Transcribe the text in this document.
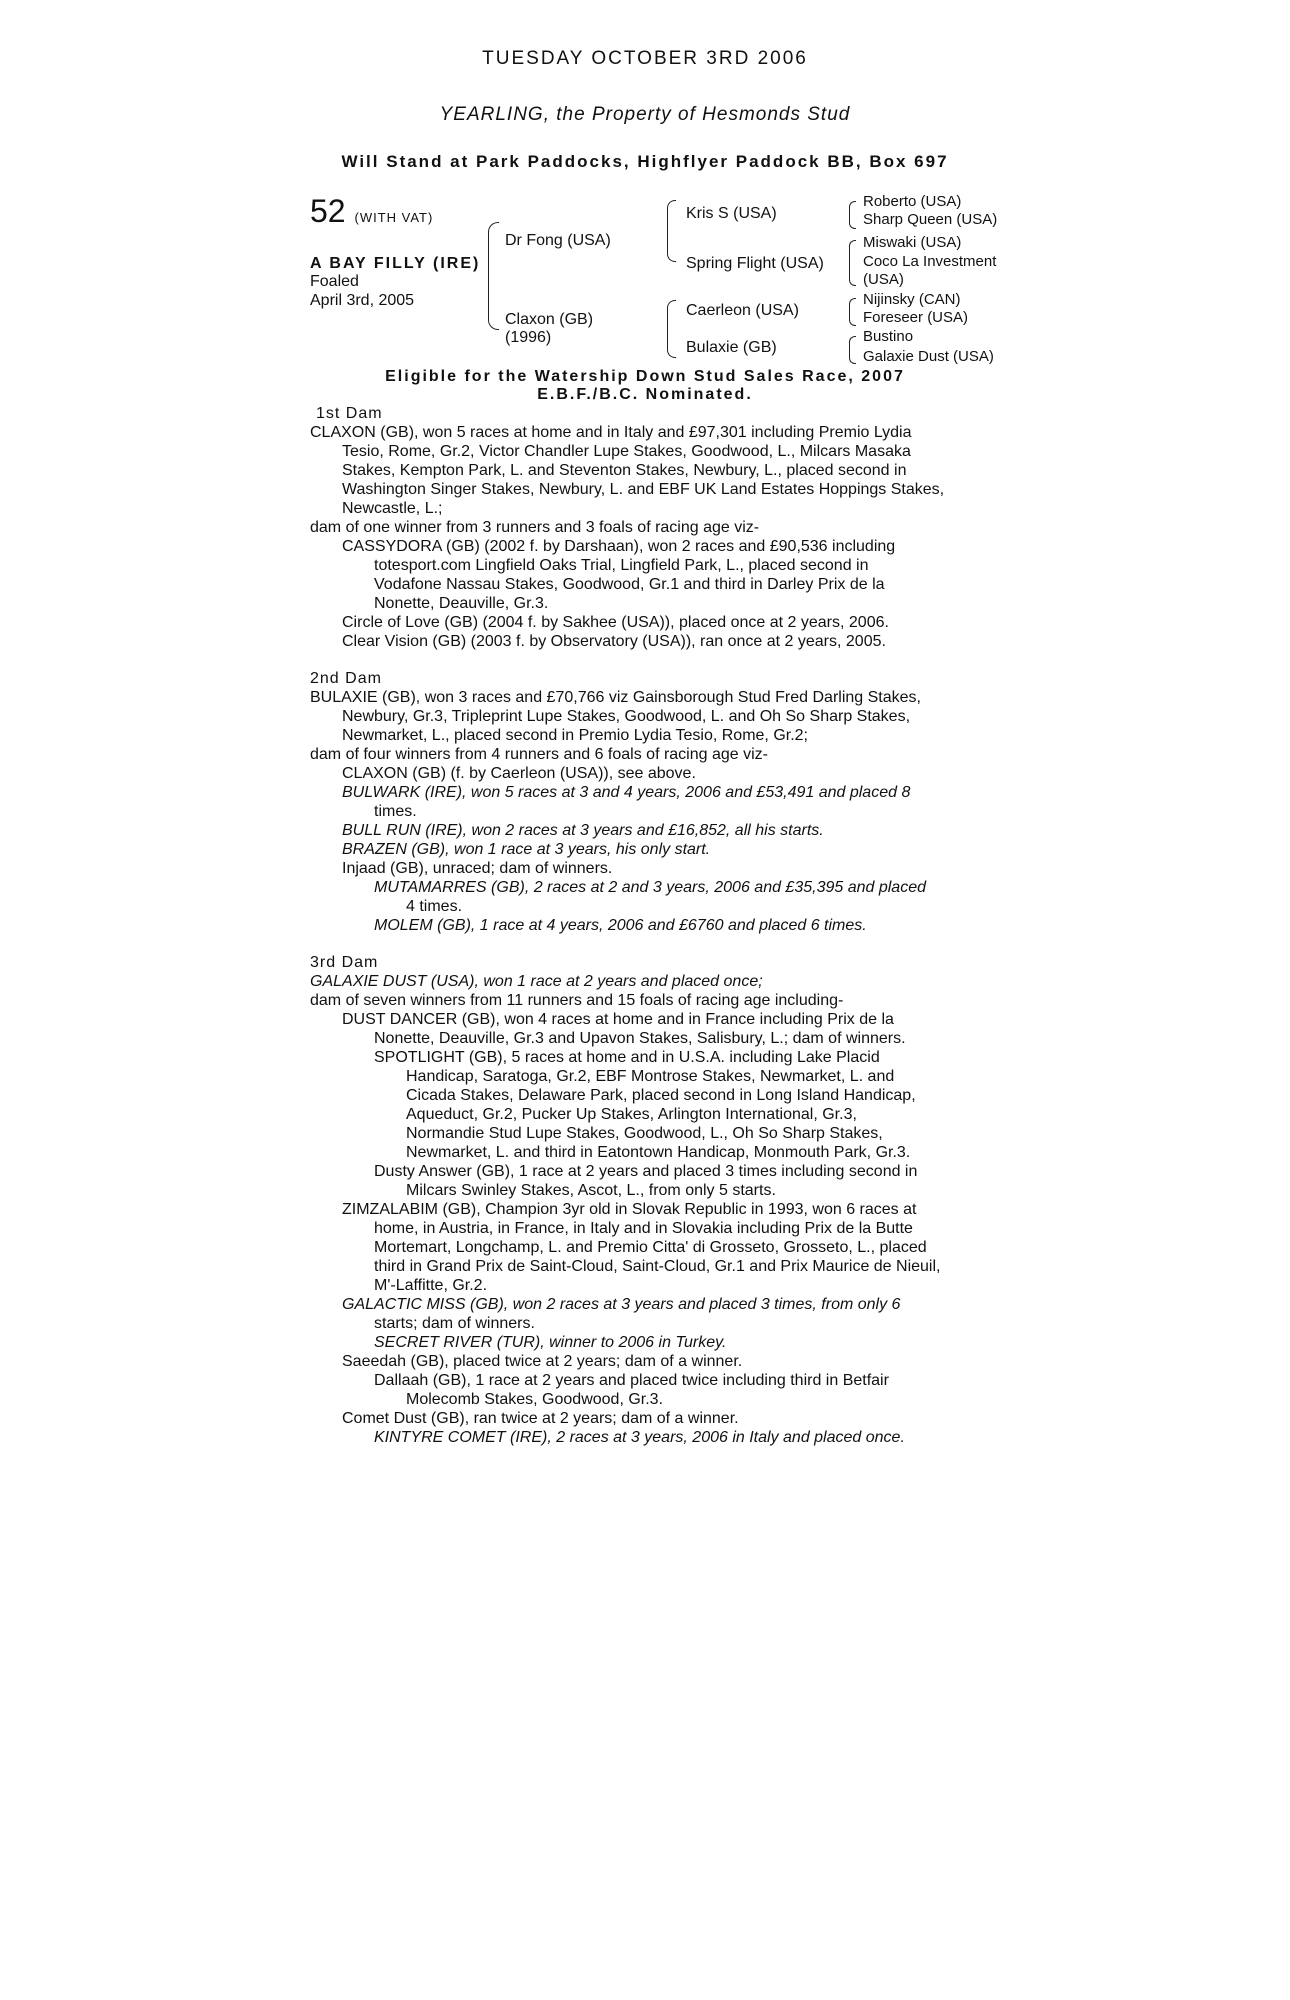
TUESDAY OCTOBER 3RD 2006
YEARLING, the Property of Hesmonds Stud
Will Stand at Park Paddocks, Highflyer Paddock BB, Box 697
52 (WITH VAT)
A BAY FILLY (IRE)
Foaled
April 3rd, 2005
Dr Fong (USA)
Claxon (GB)
(1996)
Kris S (USA)
Spring Flight (USA)
Caerleon (USA)
Bulaxie (GB)
Roberto (USA)
Sharp Queen (USA)
Miswaki (USA)
Coco La Investment
(USA)
Nijinsky (CAN)
Foreseer (USA)
Bustino
Galaxie Dust (USA)
Eligible for the Watership Down Stud Sales Race, 2007
E.B.F./B.C. Nominated.

1st Dam

CLAXON (GB), won 5 races at home and in Italy and £97,301 including Premio Lydia

Tesio, Rome, Gr.2, Victor Chandler Lupe Stakes, Goodwood, L., Milcars Masaka

Stakes, Kempton Park, L. and Steventon Stakes, Newbury, L., placed second in

Washington Singer Stakes, Newbury, L. and EBF UK Land Estates Hoppings Stakes,

Newcastle, L.;

dam of one winner from 3 runners and 3 foals of racing age viz-

CASSYDORA (GB) (2002 f. by Darshaan), won 2 races and £90,536 including

totesport.com Lingfield Oaks Trial, Lingfield Park, L., placed second in

Vodafone Nassau Stakes, Goodwood, Gr.1 and third in Darley Prix de la

Nonette, Deauville, Gr.3.

Circle of Love (GB) (2004 f. by Sakhee (USA)), placed once at 2 years, 2006.

Clear Vision (GB) (2003 f. by Observatory (USA)), ran once at 2 years, 2005.

2nd Dam

BULAXIE (GB), won 3 races and £70,766 viz Gainsborough Stud Fred Darling Stakes,

Newbury, Gr.3, Tripleprint Lupe Stakes, Goodwood, L. and Oh So Sharp Stakes,

Newmarket, L., placed second in Premio Lydia Tesio, Rome, Gr.2;

dam of four winners from 4 runners and 6 foals of racing age viz-

CLAXON (GB) (f. by Caerleon (USA)), see above.

BULWARK (IRE), won 5 races at 3 and 4 years, 2006 and £53,491 and placed 8

times.

BULL RUN (IRE), won 2 races at 3 years and £16,852, all his starts.

BRAZEN (GB), won 1 race at 3 years, his only start.

Injaad (GB), unraced; dam of winners.

MUTAMARRES (GB), 2 races at 2 and 3 years, 2006 and £35,395 and placed

4 times.

MOLEM (GB), 1 race at 4 years, 2006 and £6760 and placed 6 times.

3rd Dam

GALAXIE DUST (USA), won 1 race at 2 years and placed once;

dam of seven winners from 11 runners and 15 foals of racing age including-

DUST DANCER (GB), won 4 races at home and in France including Prix de la

Nonette, Deauville, Gr.3 and Upavon Stakes, Salisbury, L.; dam of winners.

SPOTLIGHT (GB), 5 races at home and in U.S.A. including Lake Placid

Handicap, Saratoga, Gr.2, EBF Montrose Stakes, Newmarket, L. and

Cicada Stakes, Delaware Park, placed second in Long Island Handicap,

Aqueduct, Gr.2, Pucker Up Stakes, Arlington International, Gr.3,

Normandie Stud Lupe Stakes, Goodwood, L., Oh So Sharp Stakes,

Newmarket, L. and third in Eatontown Handicap, Monmouth Park, Gr.3.

Dusty Answer (GB), 1 race at 2 years and placed 3 times including second in

Milcars Swinley Stakes, Ascot, L., from only 5 starts.

ZIMZALABIM (GB), Champion 3yr old in Slovak Republic in 1993, won 6 races at

home, in Austria, in France, in Italy and in Slovakia including Prix de la Butte

Mortemart, Longchamp, L. and Premio Citta' di Grosseto, Grosseto, L., placed

third in Grand Prix de Saint-Cloud, Saint-Cloud, Gr.1 and Prix Maurice de Nieuil,

M'-Laffitte, Gr.2.

GALACTIC MISS (GB), won 2 races at 3 years and placed 3 times, from only 6

starts; dam of winners.

SECRET RIVER (TUR), winner to 2006 in Turkey.

Saeedah (GB), placed twice at 2 years; dam of a winner.

Dallaah (GB), 1 race at 2 years and placed twice including third in Betfair

Molecomb Stakes, Goodwood, Gr.3.

Comet Dust (GB), ran twice at 2 years; dam of a winner.

KINTYRE COMET (IRE), 2 races at 3 years, 2006 in Italy and placed once.
